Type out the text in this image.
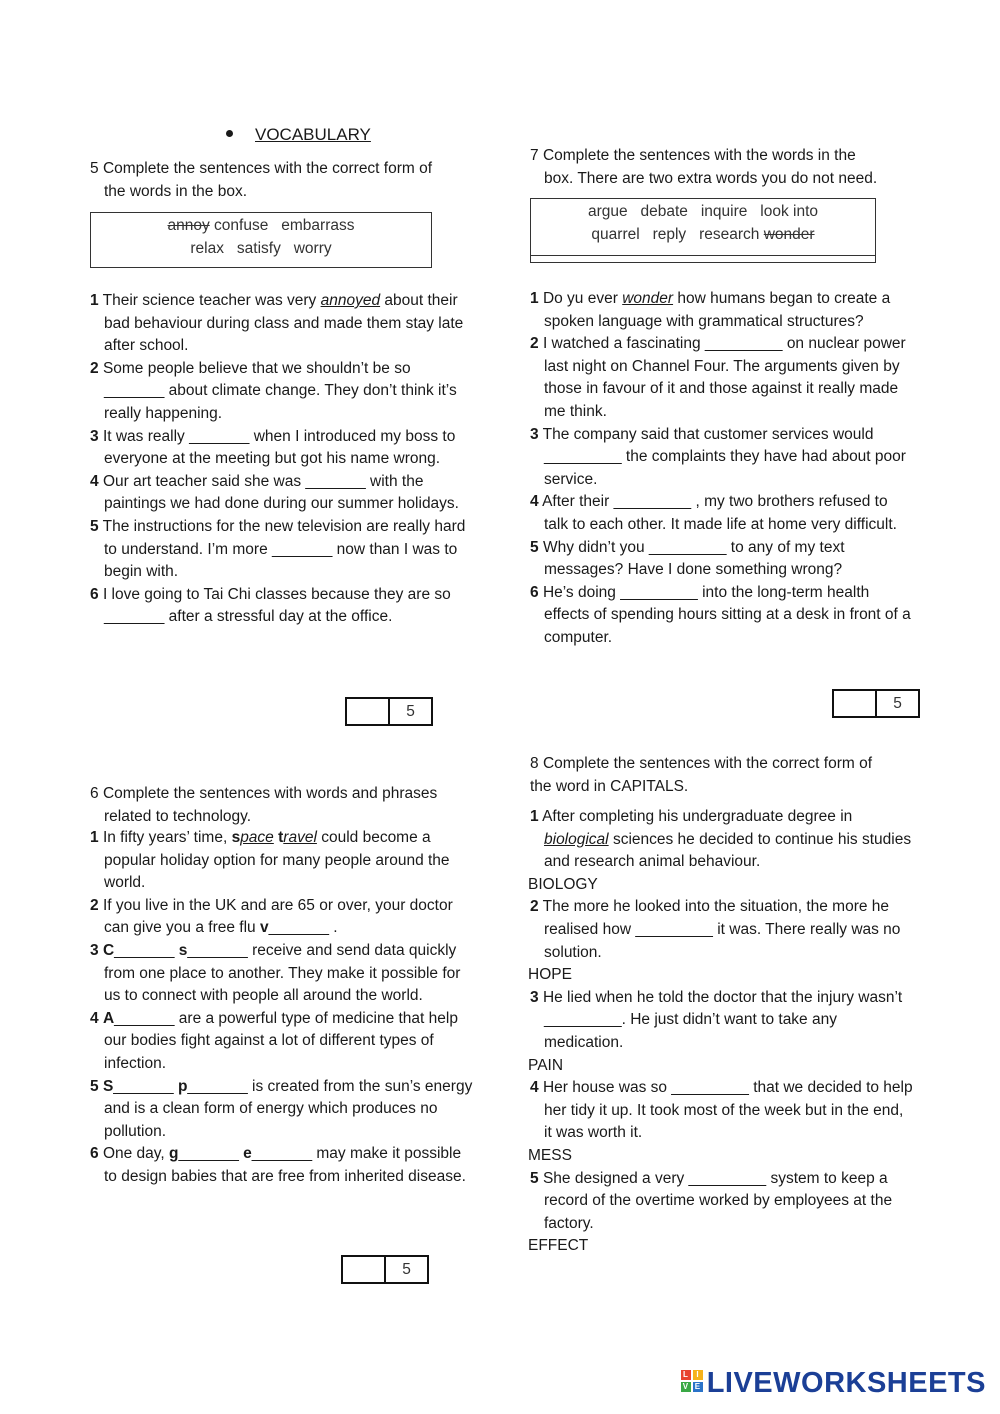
VOCABULARY
5 Complete the sentences with the correct form of
the words in the box.
annoy confuse   embarrass
relax   satisfy   worry

1 Their science teacher was very annoyed about their bad behaviour during class and made them stay late after school.

2 Some people believe that we shouldn’t be so _______ about climate change. They don’t think it’s really happening.

3 It was really _______ when I introduced my boss to everyone at the meeting but got his name wrong.

4 Our art teacher said she was _______ with the paintings we had done during our summer holidays.

5 The instructions for the new television are really hard to understand. I’m more _______ now than I was to begin with.

6 I love going to Tai Chi classes because they are so _______ after a stressful day at the office.

5
6 Complete the sentences with words and phrases
related to technology.

1 In fifty years’ time, space travel could become a popular holiday option for many people around the world.

2 If you live in the UK and are 65 or over, your doctor can give you a free flu v_______ .

3 C_______ s_______ receive and send data quickly from one place to another. They make it possible for us to connect with people all around the world.

4 A_______ are a powerful type of medicine that help our bodies fight against a lot of different types of infection.

5 S_______ p_______ is created from the sun’s energy and is a clean form of energy which produces no pollution.

6 One day, g_______ e_______ may make it possible to design babies that are free from inherited disease.

5
7 Complete the sentences with the words in the
box. There are two extra words you do not need.
argue   debate   inquire   look into
quarrel   reply   research wonder

1 Do yu ever wonder how humans began to create a spoken language with grammatical structures?

2 I watched a fascinating _________ on nuclear power last night on Channel Four. The arguments given by those in favour of it and those against it really made me think.

3 The company said that customer services would _________ the complaints they have had about poor service.

4 After their _________ , my two brothers refused to talk to each other. It made life at home very difficult.

5 Why didn’t you _________ to any of my text messages? Have I done something wrong?

6 He’s doing _________ into the long-term health effects of spending hours sitting at a desk in front of a computer.

5
8 Complete the sentences with the correct form of
the word in CAPITALS.

1 After completing his undergraduate degree in biological sciences he decided to continue his studies and research animal behaviour.

BIOLOGY

2 The more he looked into the situation, the more he realised how _________ it was. There really was no solution.

HOPE

3 He lied when he told the doctor that the injury wasn’t _________. He just didn’t want to take any medication.

PAIN

4 Her house was so _________ that we decided to help her tidy it up. It took most of the week but in the end, it was worth it.

MESS

5 She designed a very _________ system to keep a record of the overtime worked by employees at the factory.

EFFECT

L I
V E LIVEWORKSHEETS
